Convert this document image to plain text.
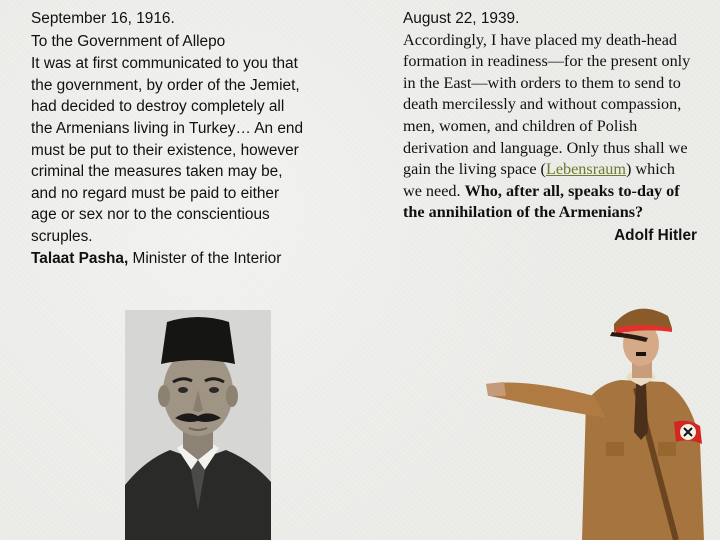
September 16, 1916.
To the Government of Allepo
It was at first communicated to you that
the government, by order of the Jemiet,
had decided to destroy completely all
the Armenians living in Turkey… An end
must be put to their existence, however
criminal the measures taken may be,
and no regard must be paid to either
age or sex nor to the conscientious
scruples.
Talaat Pasha, Minister of the Interior
August 22, 1939.
Accordingly, I have placed my death-head formation in readiness—for the present only in the East—with orders to them to send to death mercilessly and without compassion, men, women, and children of Polish derivation and language. Only thus shall we gain the living space (Lebensraum) which we need. Who, after all, speaks to-day of the annihilation of the Armenians?
Adolf Hitler
